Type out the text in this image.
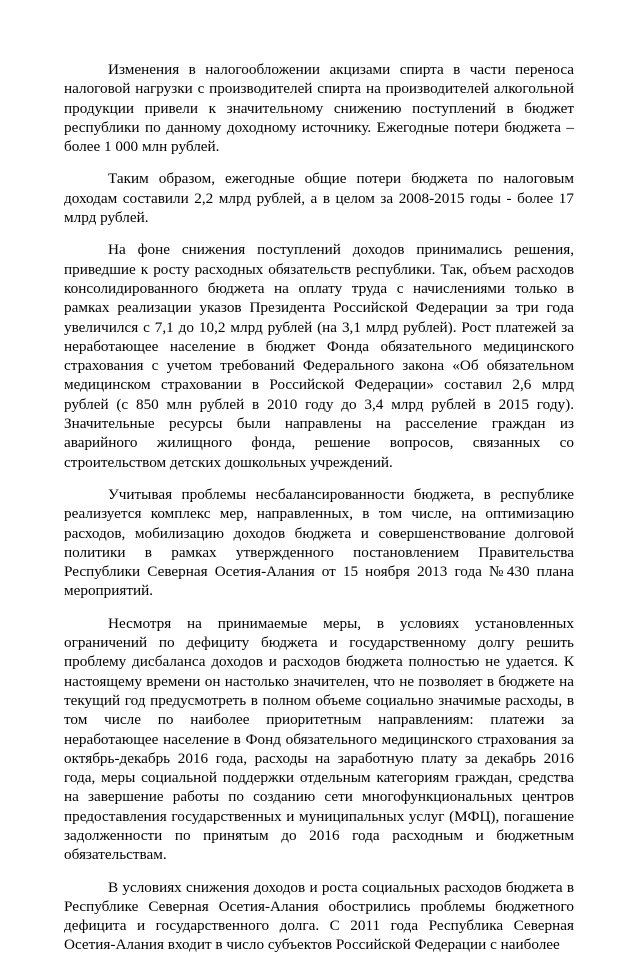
Изменения в налогообложении акцизами спирта в части переноса налоговой нагрузки с производителей спирта на производителей алкогольной продукции привели к значительному снижению поступлений в бюджет республики по данному доходному источнику. Ежегодные потери бюджета – более 1 000 млн рублей.

Таким образом, ежегодные общие потери бюджета по налоговым доходам составили 2,2 млрд рублей, а в целом за 2008-2015 годы - более 17 млрд рублей.

На фоне снижения поступлений доходов принимались решения, приведшие к росту расходных обязательств республики. Так, объем расходов консолидированного бюджета на оплату труда с начислениями только в рамках реализации указов Президента Российской Федерации за три года увеличился с 7,1 до 10,2 млрд рублей (на 3,1 млрд рублей). Рост платежей за неработающее население в бюджет Фонда обязательного медицинского страхования с учетом требований Федерального закона «Об обязательном медицинском страховании в Российской Федерации» составил 2,6 млрд рублей (с 850 млн рублей в 2010 году до 3,4 млрд рублей в 2015 году). Значительные ресурсы были направлены на расселение граждан из аварийного жилищного фонда, решение вопросов, связанных со строительством детских дошкольных учреждений.

Учитывая проблемы несбалансированности бюджета, в республике реализуется комплекс мер, направленных, в том числе, на оптимизацию расходов, мобилизацию доходов бюджета и совершенствование долговой политики в рамках утвержденного постановлением Правительства Республики Северная Осетия-Алания от 15 ноября 2013 года №430 плана мероприятий.

Несмотря на принимаемые меры, в условиях установленных ограничений по дефициту бюджета и государственному долгу решить проблему дисбаланса доходов и расходов бюджета полностью не удается. К настоящему времени он настолько значителен, что не позволяет в бюджете на текущий год предусмотреть в полном объеме социально значимые расходы, в том числе по наиболее приоритетным направлениям: платежи за неработающее население в Фонд обязательного медицинского страхования за октябрь-декабрь 2016 года, расходы на заработную плату за декабрь 2016 года, меры социальной поддержки отдельным категориям граждан, средства на завершение работы по созданию сети многофункциональных центров предоставления государственных и муниципальных услуг (МФЦ), погашение задолженности по принятым до 2016 года расходным и бюджетным обязательствам.

В условиях снижения доходов и роста социальных расходов бюджета в Республике Северная Осетия-Алания обострились проблемы бюджетного дефицита и государственного долга. С 2011 года Республика Северная Осетия-Алания входит в число субъектов Российской Федерации с наиболее
